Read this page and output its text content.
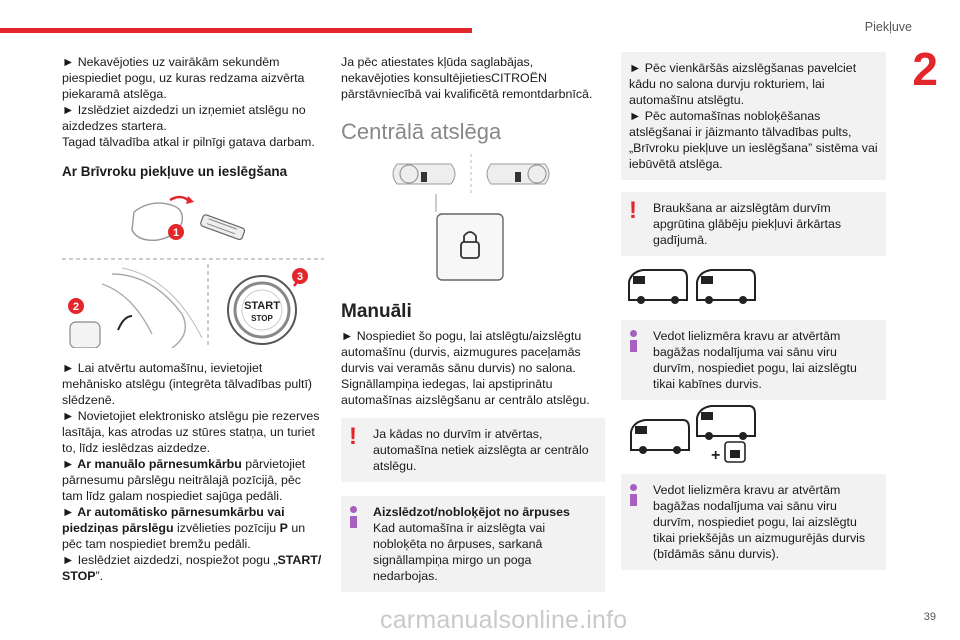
Piekļuve
2
39
carmanualsonline.info

► Nekavējoties uz vairākām sekundēm piespiediet pogu, uz kuras redzama aizvērta piekaramā atslēga.

► Izslēdziet aizdedzi un izņemiet atslēgu no aizdedzes startera.

Tagad tālvadība atkal ir pilnīgi gatava darbam.

Ar Brīvroku piekļuve un ieslēgšana
1
2	START
STOP
3

► Lai atvērtu automašīnu, ievietojiet mehānisko atslēgu (integrēta tālvadības pultī) slēdzenē.

► Novietojiet elektronisko atslēgu pie rezerves lasītāja, kas atrodas uz stūres statņa, un turiet to, līdz ieslēdzas aizdedze.

► Ar manuālo pārnesumkārbu pārvietojiet pārnesumu pārslēgu neitrālajā pozīcijā, pēc tam līdz galam nospiediet sajūga pedāli.

► Ar automātisko pārnesumkārbu vai piedziņas pārslēgu izvēlieties pozīciju P un pēc tam nospiediet bremžu pedāli.

► Ieslēdziet aizdedzi, nospiežot pogu „START/ STOP”.

Ja pēc atiestates kļūda saglabājas, nekavējoties konsultējietiesCITROËN pārstāvniecībā vai kvalificētā remontdarbnīcā.

Centrālā atslēga
Manuāli

► Nospiediet šo pogu, lai atslēgtu/aizslēgtu automašīnu (durvis, aizmugures paceļamās durvis vai veramās sānu durvis) no salona.

Signāllampiņa iedegas, lai apstiprinātu automašīnas aizslēgšanu ar centrālo atslēgu.

!	Ja kādas no durvīm ir atvērtas, automašīna netiek aizslēgta ar centrālo atslēgu.

Aizslēdzot/nobloķējot no ārpuses
Kad automašīna ir aizslēgta vai nobloķēta no ārpuses, sarkanā signāllampiņa mirgo un poga nedarbojas.

► Pēc vienkāršās aizslēgšanas pavelciet kādu no salona durvju rokturiem, lai automašīnu atslēgtu.

► Pēc automašīnas nobloķēšanas atslēgšanai ir jāizmanto tālvadības pults, „Brīvroku piekļuve un ieslēgšana” sistēma vai iebūvētā atslēga.

!	Braukšana ar aizslēgtām durvīm apgrūtina glābēju piekļuvi ārkārtas gadījumā.

Vedot lielizmēra kravu ar atvērtām bagāžas nodalījuma vai sānu viru durvīm, nospiediet pogu, lai aizslēgtu tikai kabīnes durvis.

+

Vedot lielizmēra kravu ar atvērtām bagāžas nodalījuma vai sānu viru durvīm, nospiediet pogu, lai aizslēgtu tikai priekšējās un aizmugurējās durvis (bīdāmās sānu durvis).
